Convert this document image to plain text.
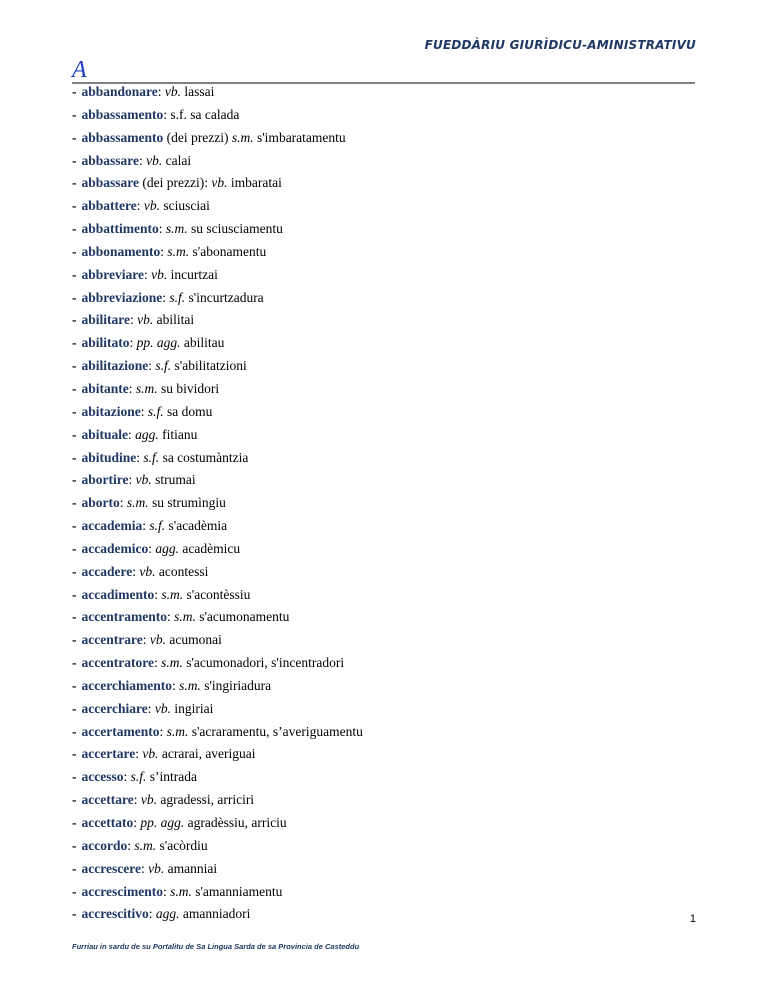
FUEDDÀRIU GIURÌDICU-AMINISTRATIVU
A
- abbandonare: vb. lassai
- abbassamento: s.f. sa calada
- abbassamento (dei prezzi) s.m. s'imbaratamentu
- abbassare: vb. calai
- abbassare (dei prezzi): vb. imbaratai
- abbattere: vb. sciusciai
- abbattimento: s.m. su sciusciamentu
- abbonamento: s.m. s'abonamentu
- abbreviare: vb. incurtzai
- abbreviazione: s.f. s'incurtzadura
- abilitare: vb. abilitai
- abilitato: pp. agg. abilitau
- abilitazione: s.f. s'abilitatzioni
- abitante: s.m. su bividori
- abitazione: s.f. sa domu
- abituale: agg. fitianu
- abitudine: s.f. sa costumàntzia
- abortire: vb. strumai
- aborto: s.m. su strumìngiu
- accademia: s.f. s'acadèmia
- accademico: agg. acadèmicu
- accadere: vb. acontessi
- accadimento: s.m. s'acontèssiu
- accentramento: s.m. s'acumonamentu
- accentrare: vb. acumonai
- accentratore: s.m. s'acumonadori, s'incentradori
- accerchiamento: s.m. s'ingiriadura
- accerchiare: vb. ingiriai
- accertamento: s.m. s'acraramentu, s’averiguamentu
- accertare: vb. acrarai, averiguai
- accesso: s.f. s’intrada
- accettare: vb. agradessi, arriciri
- accettato: pp. agg. agradèssiu, arriciu
- accordo: s.m. s'acòrdiu
- accrescere: vb. amanniai
- accrescimento: s.m. s'amanniamentu
- accrescitivo: agg. amanniadori	1
Furriau in sardu de su Portalitu de Sa Lingua Sarda de sa Provincia de Casteddu
